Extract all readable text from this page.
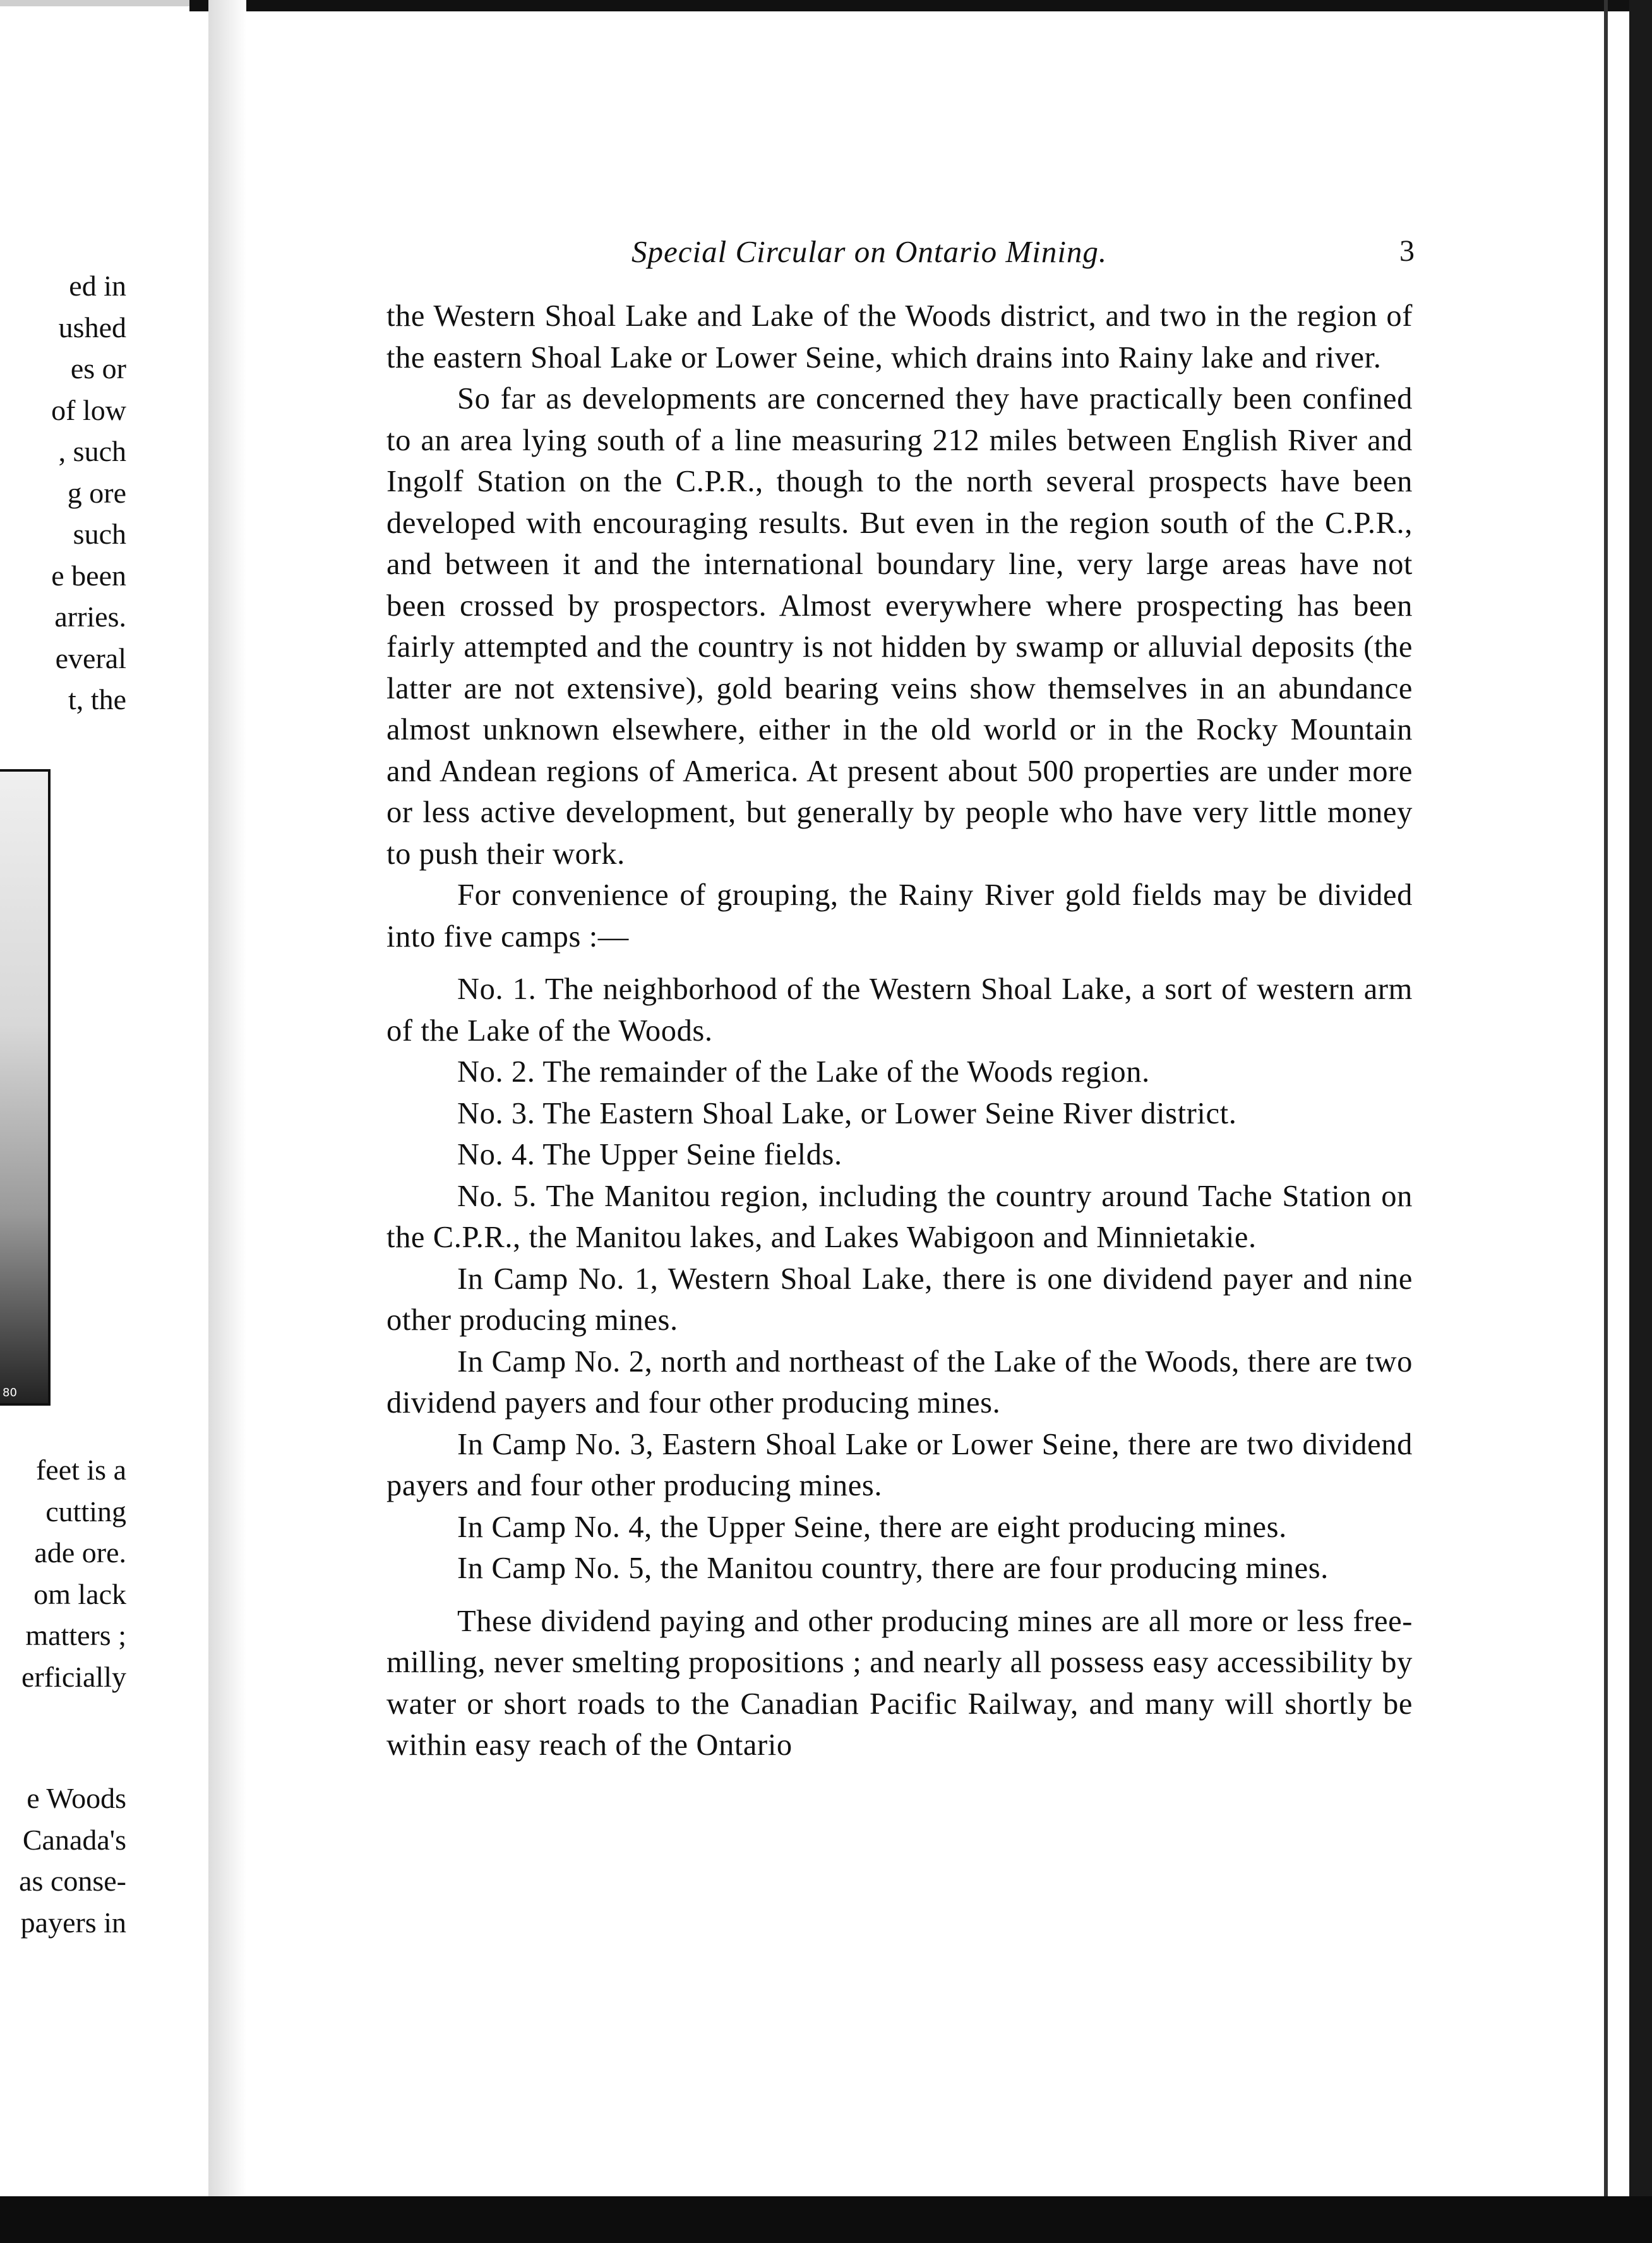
ed in
ushed
es or
of low
, such
g ore
such
e been
arries.
everal
t, the
80
feet is a
cutting
ade ore.
om lack
matters ;
erficially
e Woods
Canada's
as conse-
payers in
Special Circular on Ontario Mining.	3

the Western Shoal Lake and Lake of the Woods district, and two in the region of the eastern Shoal Lake or Lower Seine, which drains into Rainy lake and river.

So far as developments are concerned they have practically been confined to an area lying south of a line measuring 212 miles between English River and Ingolf Station on the C.P.R., though to the north several prospects have been developed with encouraging results. But even in the region south of the C.P.R., and between it and the international boundary line, very large areas have not been crossed by prospectors. Almost everywhere where prospecting has been fairly attempted and the country is not hidden by swamp or alluvial deposits (the latter are not extensive), gold bearing veins show themselves in an abundance almost unknown elsewhere, either in the old world or in the Rocky Mountain and Andean regions of America. At present about 500 properties are under more or less active development, but generally by people who have very little money to push their work.

For convenience of grouping, the Rainy River gold fields may be divided into five camps :—

No. 1. The neighborhood of the Western Shoal Lake, a sort of western arm of the Lake of the Woods.

No. 2. The remainder of the Lake of the Woods region.

No. 3. The Eastern Shoal Lake, or Lower Seine River district.

No. 4. The Upper Seine fields.

No. 5. The Manitou region, including the country around Tache Station on the C.P.R., the Manitou lakes, and Lakes Wabigoon and Minnietakie.

In Camp No. 1, Western Shoal Lake, there is one dividend payer and nine other producing mines.

In Camp No. 2, north and northeast of the Lake of the Woods, there are two dividend payers and four other producing mines.

In Camp No. 3, Eastern Shoal Lake or Lower Seine, there are two dividend payers and four other producing mines.

In Camp No. 4, the Upper Seine, there are eight producing mines.

In Camp No. 5, the Manitou country, there are four producing mines.

These dividend paying and other producing mines are all more or less free-milling, never smelting propositions ; and nearly all possess easy accessibility by water or short roads to the Canadian Pacific Railway, and many will shortly be within easy reach of the Ontario
